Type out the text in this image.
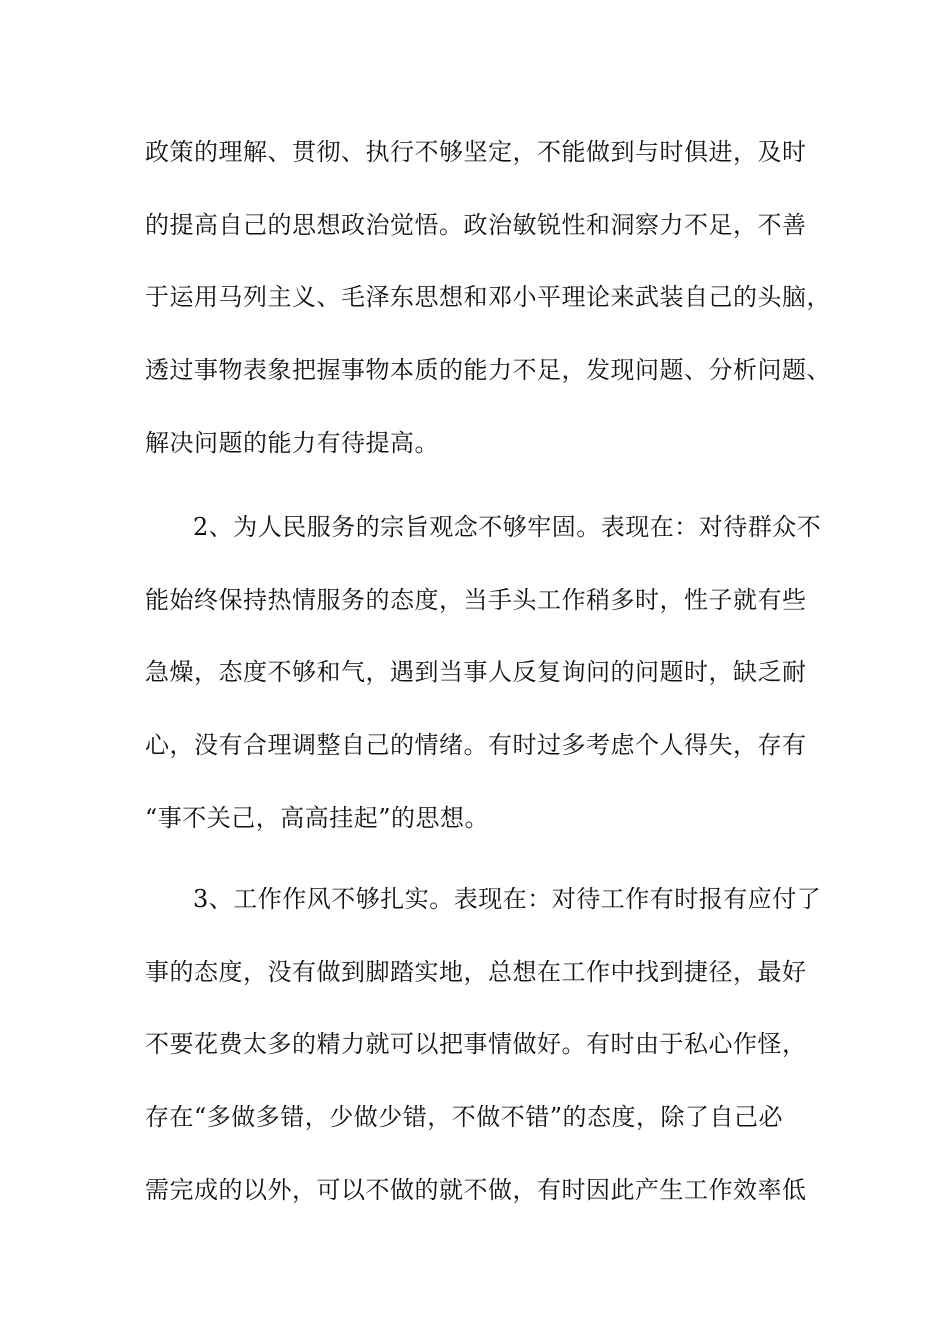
政策的理解、贯彻、执行不够坚定，不能做到与时俱进，及时
的提高自己的思想政治觉悟。政治敏锐性和洞察力不足，不善
于运用马列主义、毛泽东思想和邓小平理论来武装自己的头脑，
透过事物表象把握事物本质的能力不足，发现问题、分析问题、
解决问题的能力有待提高。
2、为人民服务的宗旨观念不够牢固。表现在：对待群众不
能始终保持热情服务的态度，当手头工作稍多时，性子就有些
急燥，态度不够和气，遇到当事人反复询问的问题时，缺乏耐
心，没有合理调整自己的情绪。有时过多考虑个人得失，存有
“事不关己，高高挂起”的思想。
3、工作作风不够扎实。表现在：对待工作有时报有应付了
事的态度，没有做到脚踏实地，总想在工作中找到捷径，最好
不要花费太多的精力就可以把事情做好。有时由于私心作怪，
存在“多做多错，少做少错，不做不错”的态度，除了自己必
需完成的以外，可以不做的就不做，有时因此产生工作效率低
